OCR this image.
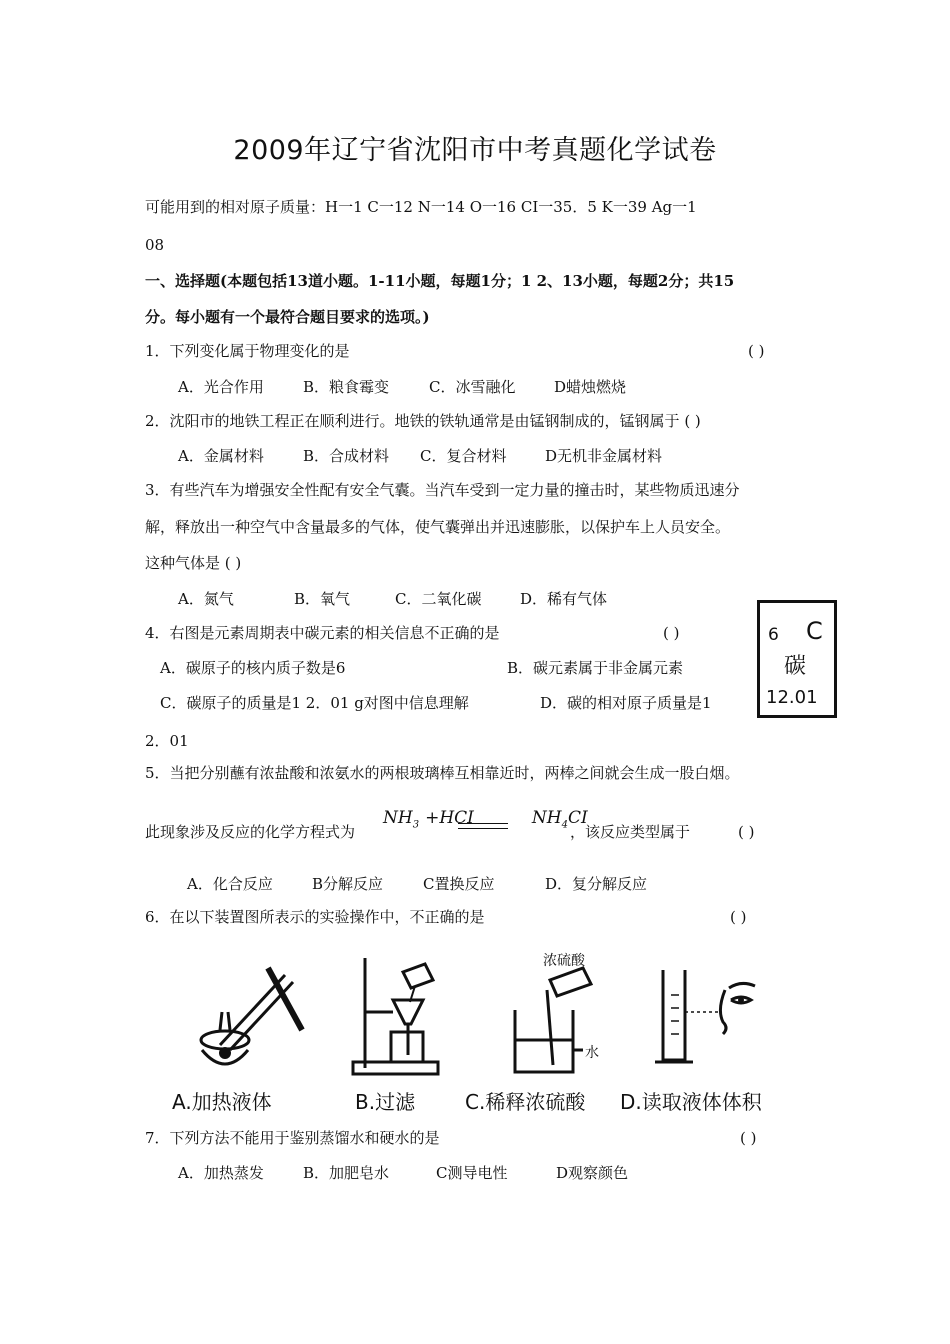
2009年辽宁省沈阳市中考真题化学试卷
可能用到的相对原子质量：H一1 C一12 N一14 O一16 CI一35．5 K一39 Ag一1
08
一、选择题(本题包括13道小题。1-11小题，每题1分；1 2、13小题，每题2分；共15
分。每小题有一个最符合题目要求的选项。)
1．下列变化属于物理变化的是	( )
A．光合作用	B．粮食霉变	C．冰雪融化	D蜡烛燃烧
2．沈阳市的地铁工程正在顺利进行。地铁的铁轨通常是由锰钢制成的，锰钢属于 ( )
A．金属材料	B．合成材料 C．复合材料	D无机非金属材料
3．有些汽车为增强安全性配有安全气囊。当汽车受到一定力量的撞击时，某些物质迅速分
解，释放出一种空气中含量最多的气体，使气囊弹出并迅速膨胀，以保护车上人员安全。
这种气体是 ( )
A．氮气	B．氧气	C．二氧化碳	D．稀有气体
4．右图是元素周期表中碳元素的相关信息不正确的是	( )
A．碳原子的核内质子数是6	B．碳元素属于非金属元素
C．碳原子的质量是1 2．01 g对图中信息理解	D．碳的相对原子质量是1
2．01
6 C
碳
12.01
5．当把分别蘸有浓盐酸和浓氨水的两根玻璃棒互相靠近时，两棒之间就会生成一股白烟。
此现象涉及反应的化学方程式为
$NH_3 +HCI$	$NH_4CI$
，该反应类型属于	( )
A．化合反应	B分解反应	C置换反应	D．复分解反应
6．在以下装置图所表示的实验操作中，不正确的是	( )
浓硫酸
水
A.加热液体	B.过滤 C.稀释浓硫酸 D.读取液体体积
7．下列方法不能用于鉴别蒸馏水和硬水的是	( )
A．加热蒸发	B．加肥皂水	C测导电性	D观察颜色
